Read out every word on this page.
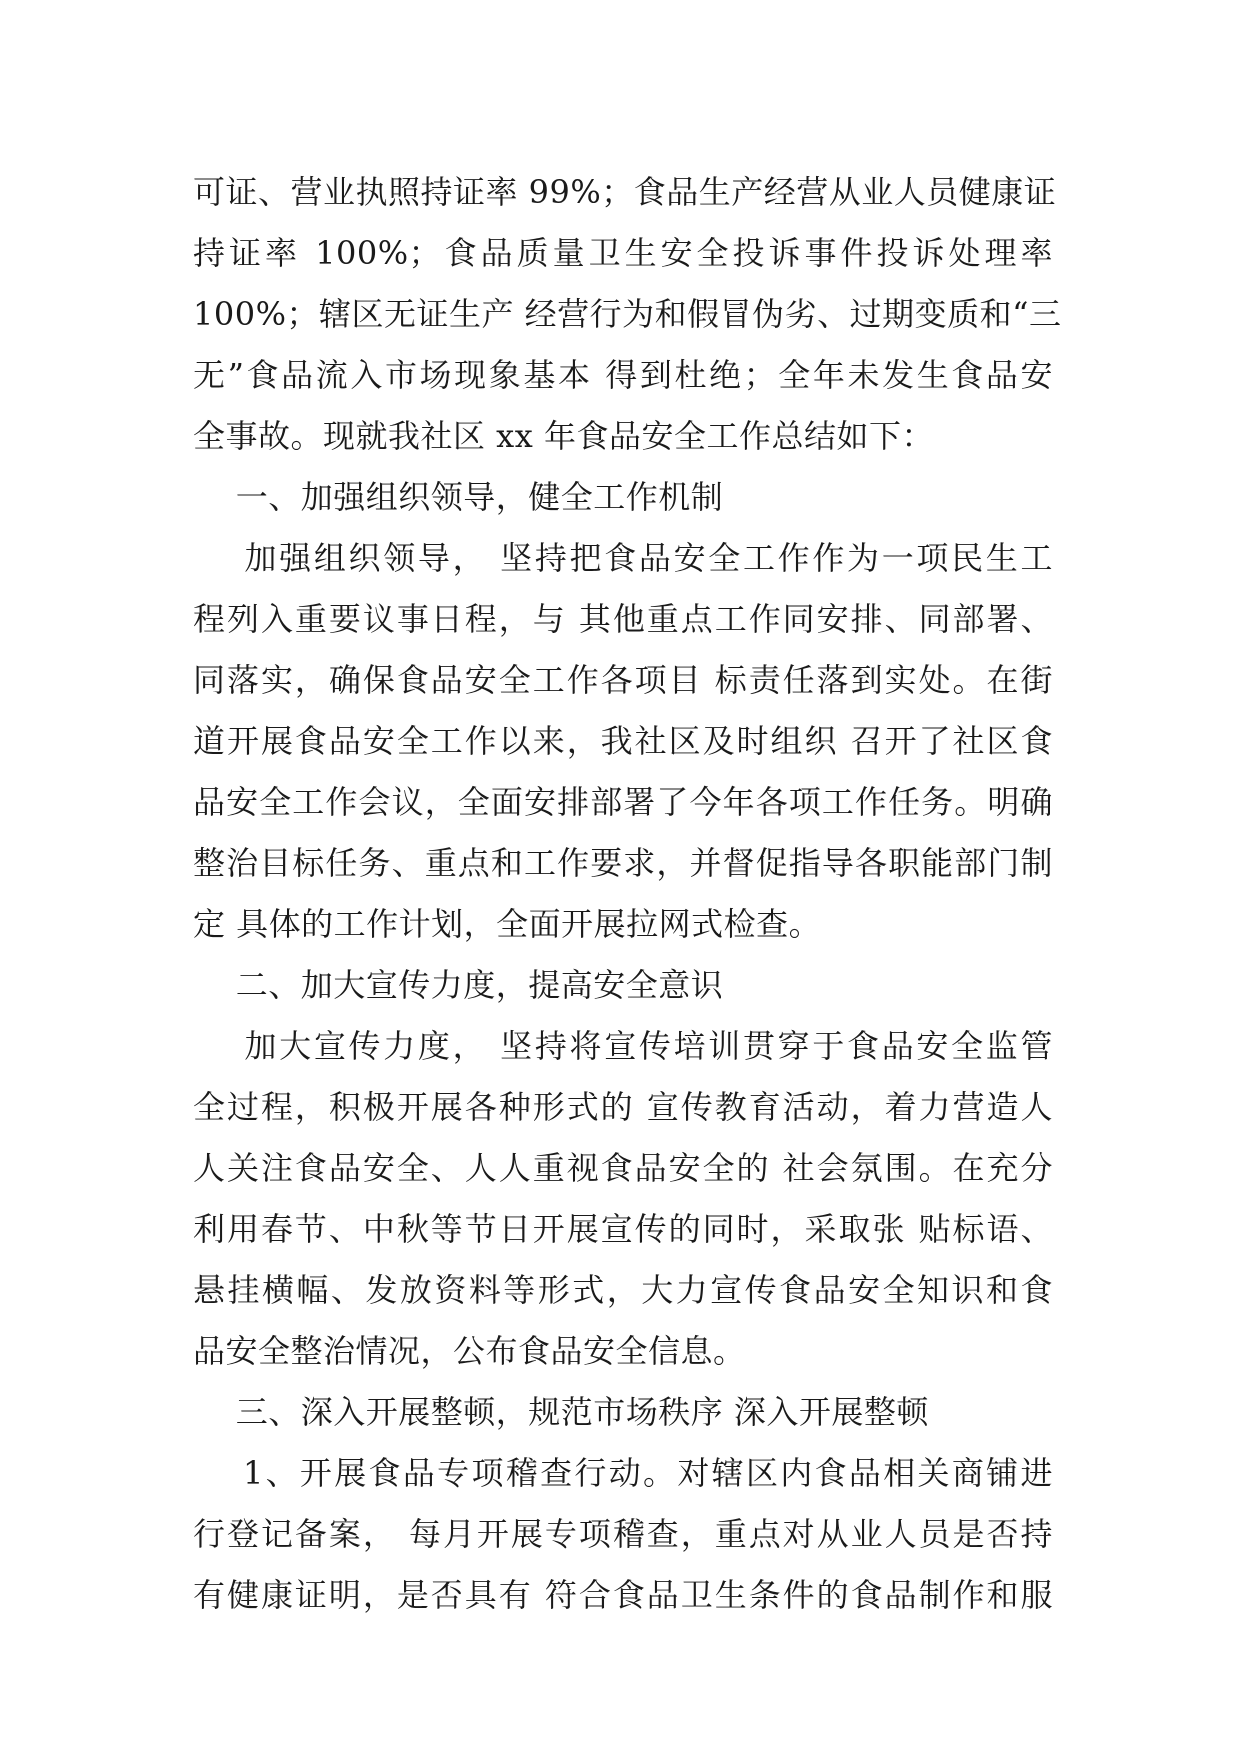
可证、营业执照持证率 99%；食品生产经营从业人员健康证
持证率 100%；食品质量卫生安全投诉事件投诉处理率
100%；辖区无证生产 经营行为和假冒伪劣、过期变质和“三
无”食品流入市场现象基本 得到杜绝；全年未发生食品安
全事故。现就我社区 xx 年食品安全工作总结如下：
一、加强组织领导，健全工作机制
加强组织领导， 坚持把食品安全工作作为一项民生工
程列入重要议事日程，与 其他重点工作同安排、同部署、
同落实，确保食品安全工作各项目 标责任落到实处。在街
道开展食品安全工作以来，我社区及时组织 召开了社区食
品安全工作会议，全面安排部署了今年各项工作任务。明确
整治目标任务、重点和工作要求，并督促指导各职能部门制
定 具体的工作计划，全面开展拉网式检查。
二、加大宣传力度，提高安全意识
加大宣传力度， 坚持将宣传培训贯穿于食品安全监管
全过程，积极开展各种形式的 宣传教育活动，着力营造人
人关注食品安全、人人重视食品安全的 社会氛围。在充分
利用春节、中秋等节日开展宣传的同时，采取张 贴标语、
悬挂横幅、发放资料等形式，大力宣传食品安全知识和食
品安全整治情况，公布食品安全信息。
三、深入开展整顿，规范市场秩序 深入开展整顿
1、开展食品专项稽查行动。对辖区内食品相关商铺进
行登记备案， 每月开展专项稽查，重点对从业人员是否持
有健康证明，是否具有 符合食品卫生条件的食品制作和服
